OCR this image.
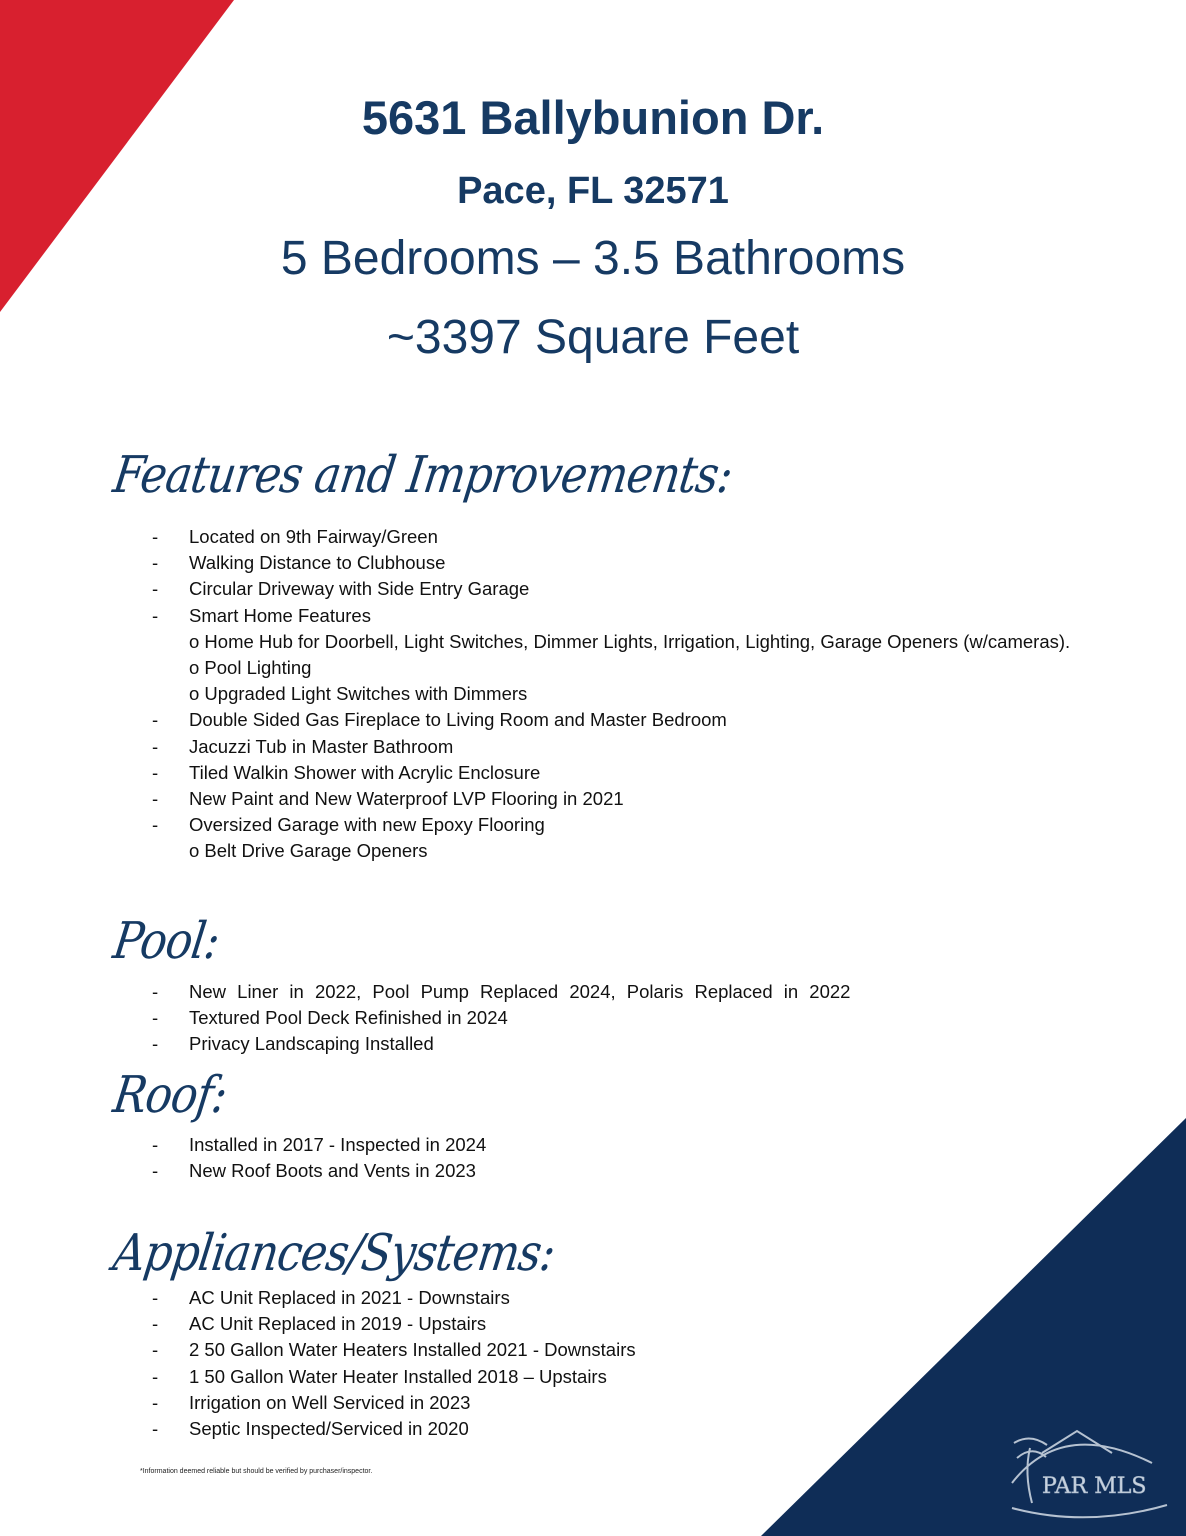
5631 Ballybunion Dr.
Pace, FL 32571
5 Bedrooms – 3.5 Bathrooms
~3397 Square Feet
Features and Improvements:
-	Located on 9th Fairway/Green
-	Walking Distance to Clubhouse
-	Circular Driveway with Side Entry Garage
-	Smart Home Features
o Home Hub for Doorbell, Light Switches, Dimmer Lights, Irrigation, Lighting, Garage Openers (w/cameras).
o Pool Lighting
o Upgraded Light Switches with Dimmers
-	Double Sided Gas Fireplace to Living Room and Master Bedroom
-	Jacuzzi Tub in Master Bathroom
-	Tiled Walkin Shower with Acrylic Enclosure
-	New Paint and New Waterproof LVP Flooring in 2021
-	Oversized Garage with new Epoxy Flooring
o Belt Drive Garage Openers
Pool:
-	New Liner in 2022, Pool Pump Replaced 2024, Polaris Replaced in 2022
-	Textured Pool Deck Refinished in 2024
-	Privacy Landscaping Installed
Roof:
-	Installed in 2017 - Inspected in 2024
-	New Roof Boots and Vents in 2023
Appliances/Systems:
-	AC Unit Replaced in 2021 - Downstairs
-	AC Unit Replaced in 2019 - Upstairs
-	2 50 Gallon Water Heaters Installed 2021 - Downstairs
-	1 50 Gallon Water Heater Installed 2018 – Upstairs
-	Irrigation on Well Serviced in 2023
-	Septic Inspected/Serviced in 2020
*Information deemed reliable but should be verified by purchaser/inspector.
PAR MLS
